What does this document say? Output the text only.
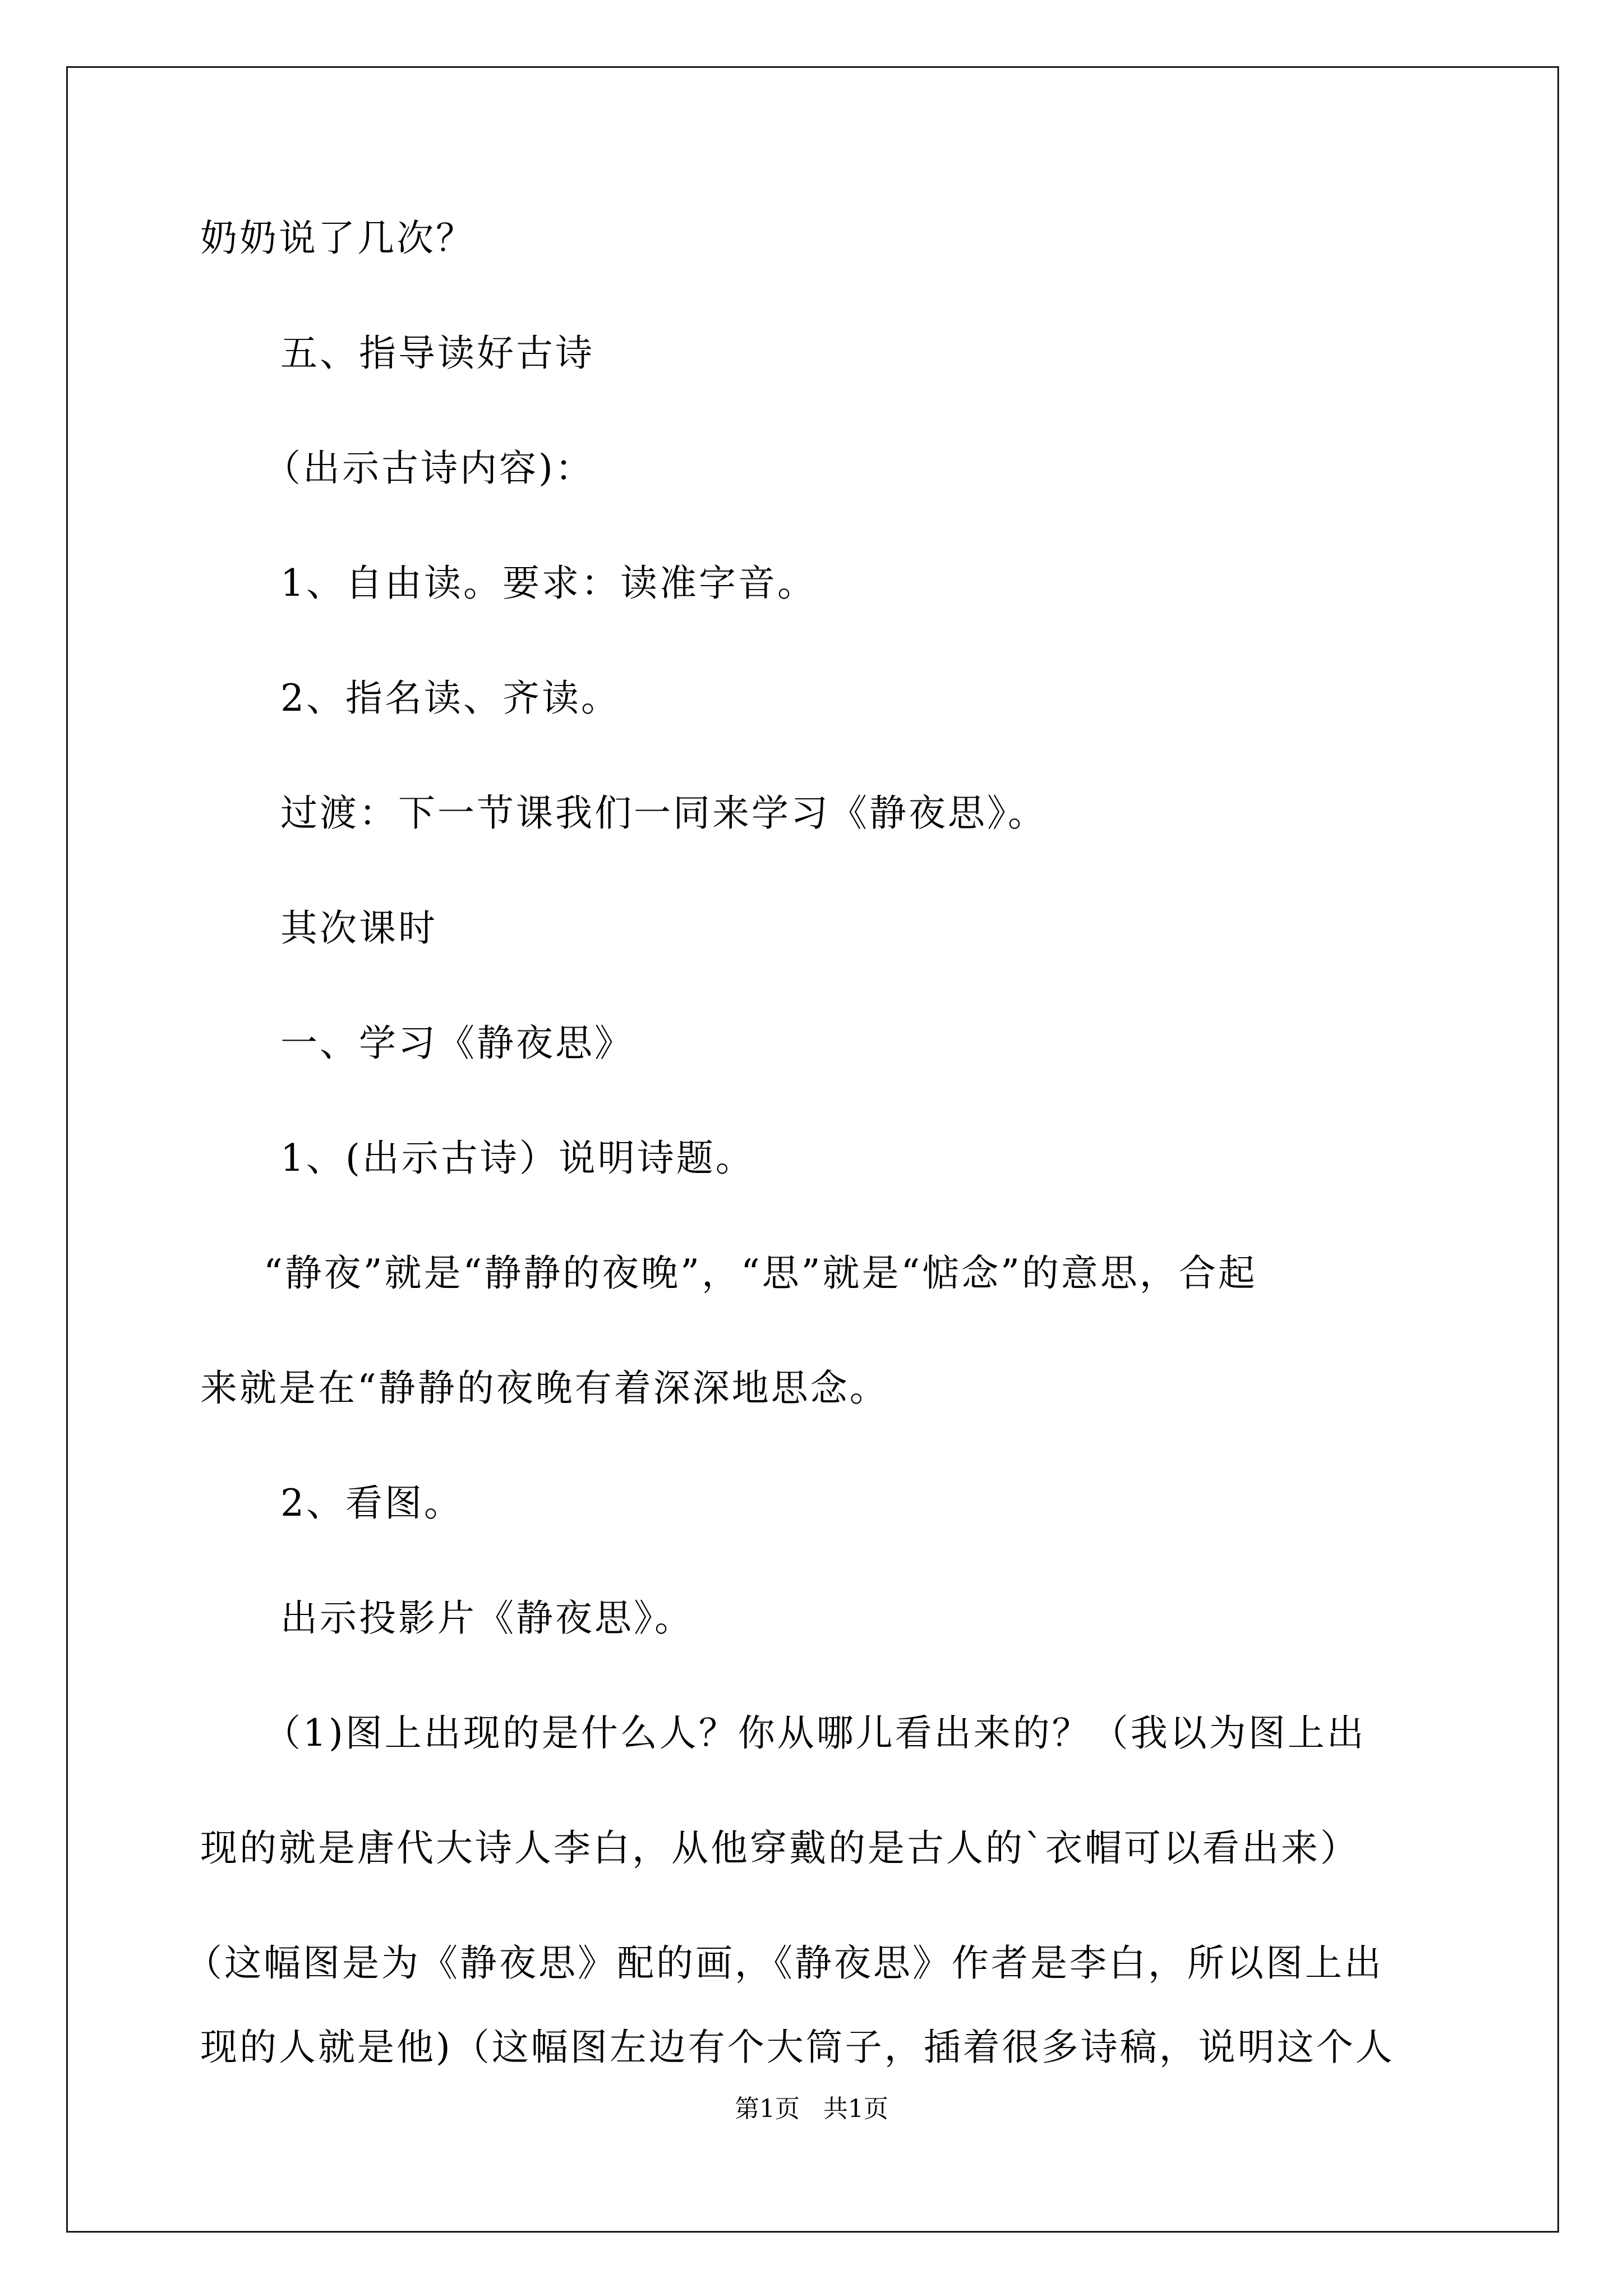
奶奶说了几次？
五、指导读好古诗
（出示古诗内容)：
1、自由读。要求：读准字音。
2、指名读、齐读。
过渡：下一节课我们一同来学习《静夜思》。
其次课时
一、学习《静夜思》
1、(出示古诗）说明诗题。
“静夜”就是“静静的夜晚”，“思”就是“惦念”的意思，合起
来就是在“静静的夜晚有着深深地思念。
2、看图。
出示投影片《静夜思》。
（1)图上出现的是什么人？你从哪儿看出来的？（我以为图上出
现的就是唐代大诗人李白，从他穿戴的是古人的`衣帽可以看出来）
（这幅图是为《静夜思》配的画，《静夜思》作者是李白，所以图上出
现的人就是他)（这幅图左边有个大筒子，插着很多诗稿，说明这个人
第1页   共1页
